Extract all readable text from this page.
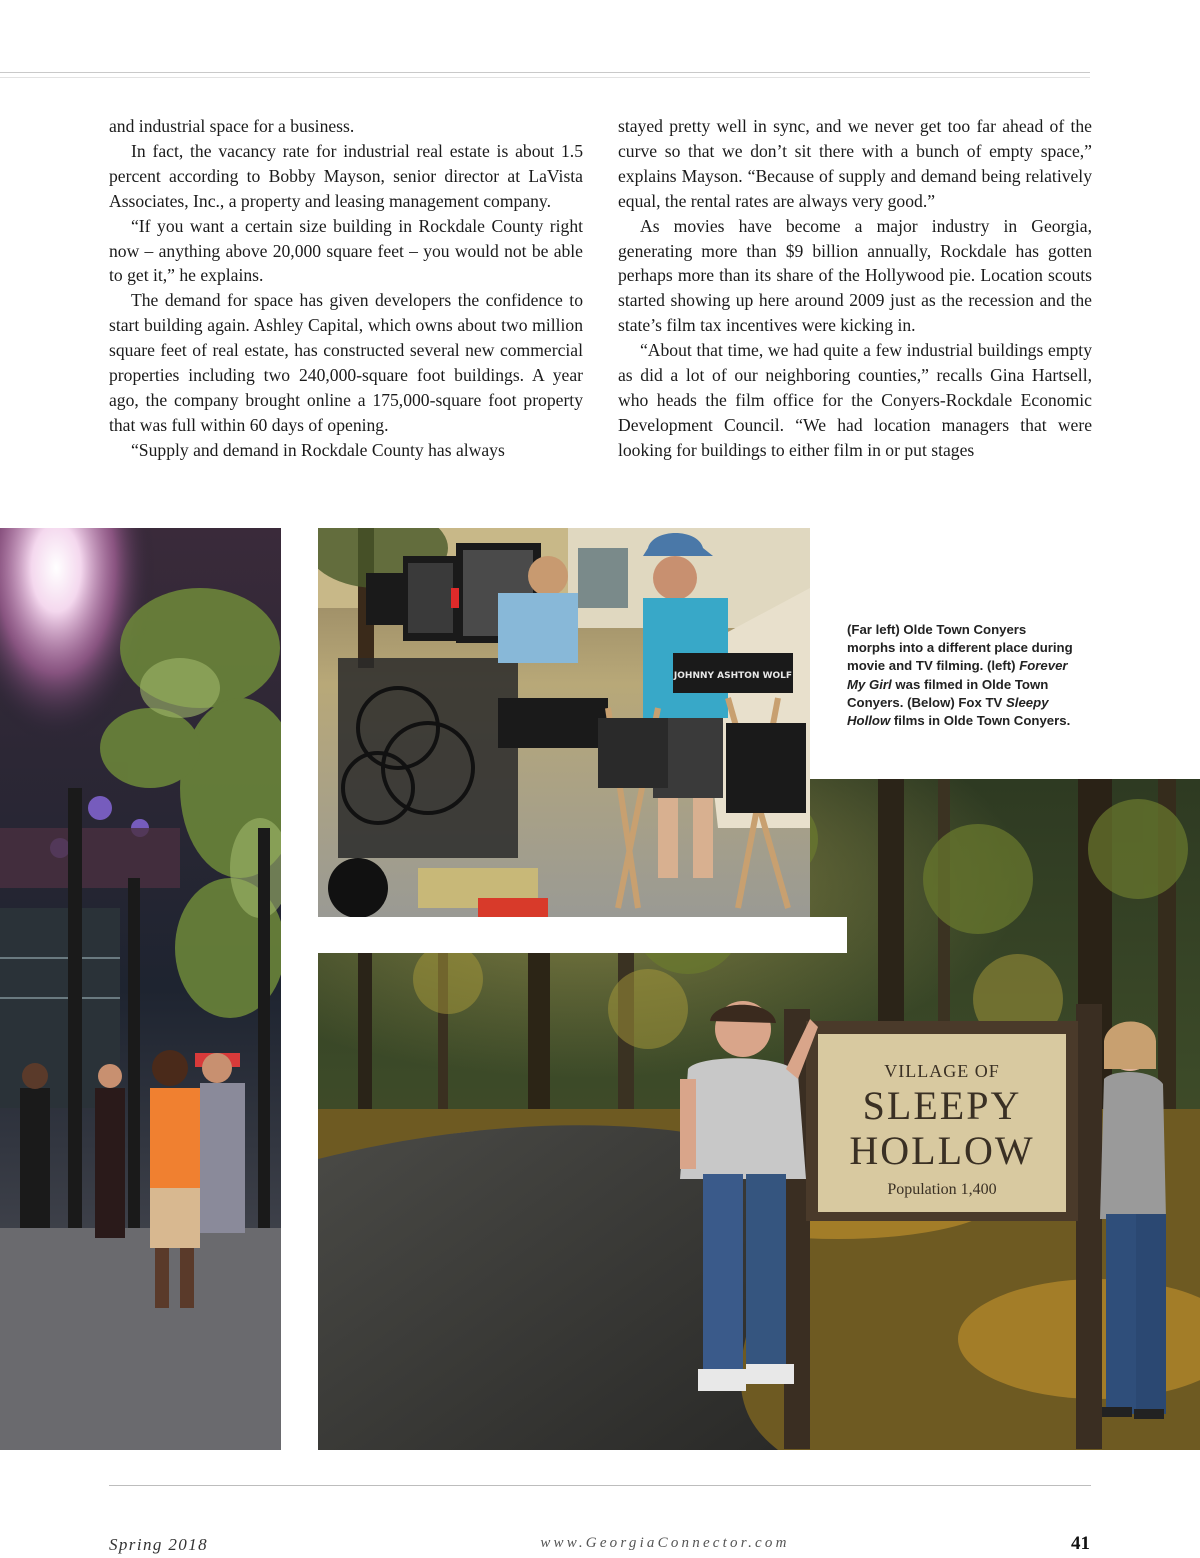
and industrial space for a business.

In fact, the vacancy rate for industrial real estate is about 1.5 percent according to Bobby Mayson, senior director at LaVista Associates, Inc., a property and leasing management company.

“If you want a certain size building in Rockdale County right now – anything above 20,000 square feet – you would not be able to get it,” he explains.

The demand for space has given developers the confidence to start building again. Ashley Capital, which owns about two million square feet of real estate, has constructed several new commercial properties including two 240,000-square foot buildings. A year ago, the company brought online a 175,000-square foot property that was full within 60 days of opening.

“Supply and demand in Rockdale County has always

stayed pretty well in sync, and we never get too far ahead of the curve so that we don’t sit there with a bunch of empty space,” explains Mayson. “Because of supply and demand being relatively equal, the rental rates are always very good.”

As movies have become a major industry in Georgia, generating more than $9 billion annually, Rockdale has gotten perhaps more than its share of the Hollywood pie. Location scouts started showing up here around 2009 just as the recession and the state’s film tax incentives were kicking in.

“About that time, we had quite a few industrial buildings empty as did a lot of our neighboring counties,” recalls Gina Hartsell, who heads the film office for the Conyers-Rockdale Economic Development Council. “We had location managers that were looking for buildings to either film in or put stages

VILLAGE OF
SLEEPY
HOLLOW
Population 1,400
JOHNNY ASHTON WOLF
(Far left) Olde Town Conyers morphs into a different place during movie and TV filming. (left) Forever My Girl was filmed in Olde Town Conyers. (Below) Fox TV Sleepy Hollow films in Olde Town Conyers.
Spring 2018	www.GeorgiaConnector.com	41
